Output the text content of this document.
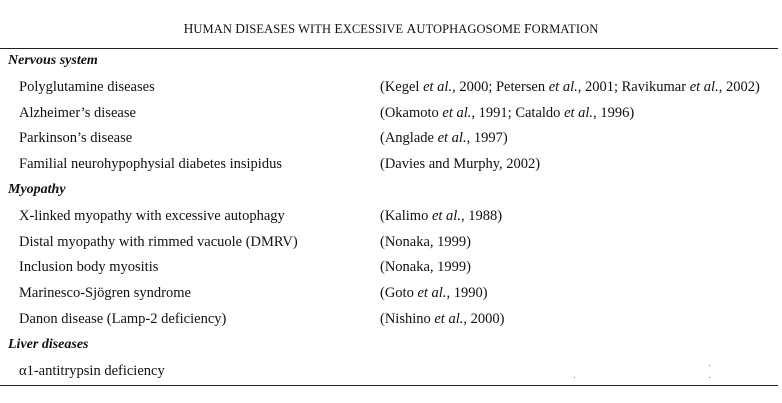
HUMAN DISEASES WITH EXCESSIVE AUTOPHAGOSOME FORMATION
Nervous system
Polyglutamine diseases	(Kegel et al., 2000; Petersen et al., 2001; Ravikumar et al., 2002)
Alzheimer’s disease	(Okamoto et al., 1991; Cataldo et al., 1996)
Parkinson’s disease	(Anglade et al., 1997)
Familial neurohypophysial diabetes insipidus	(Davies and Murphy, 2002)
Myopathy
X-linked myopathy with excessive autophagy	(Kalimo et al., 1988)
Distal myopathy with rimmed vacuole (DMRV)	(Nonaka, 1999)
Inclusion body myositis	(Nonaka, 1999)
Marinesco-Sjögren syndrome	(Goto et al., 1990)
Danon disease (Lamp-2 deficiency)	(Nishino et al., 2000)
Liver diseases
α1-antitrypsin deficiency
